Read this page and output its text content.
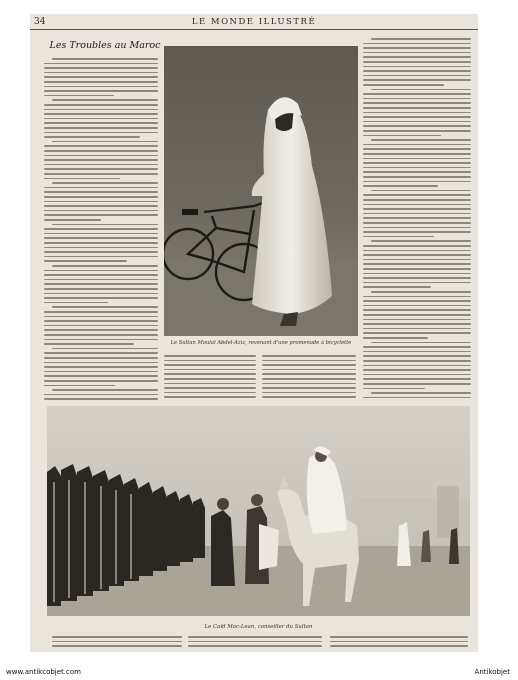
34	LE MONDE ILLUSTRÉ
Les Troubles au Maroc
Le Sultan Moulaï Abdel-Aziz, revenant d'une promenade à bicyclette
Le Caïd Mac-Lean, conseiller du Sultan
www.antikcobjet.com	Antikobjet
